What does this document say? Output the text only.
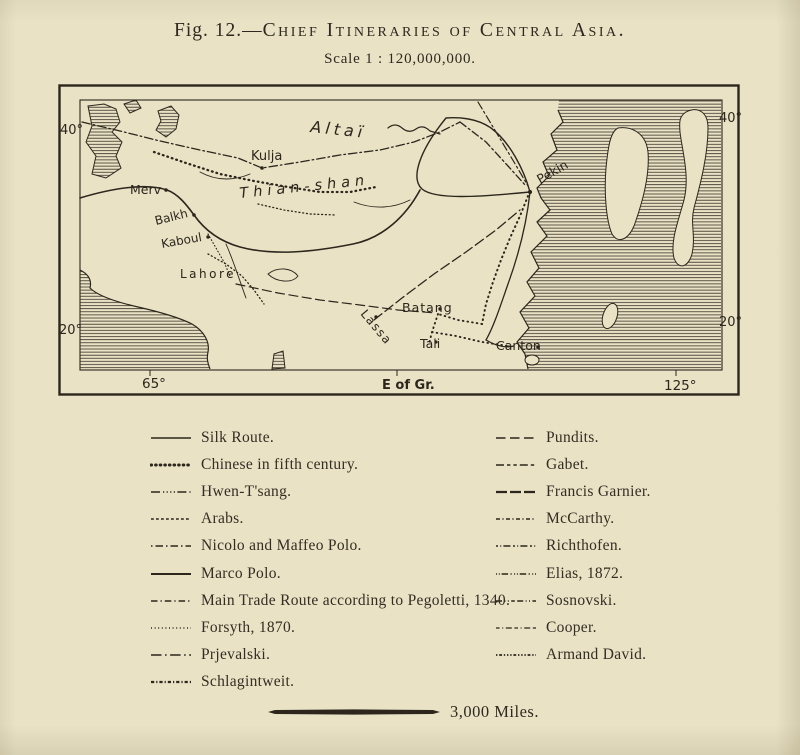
Fig. 12.—Chief Itineraries of Central Asia.
Scale 1 : 120,000,000.
Altaï
Thian-shan
Kulja
Merv
Balkh
Kaboul
Lahore
Lassa Batang
Tali	Canton
Pekin
40°
20°
40°
20°
65°	E of Gr.	125°
Silk Route.
Chinese in fifth century.
Hwen-T'sang.
Arabs.
Nicolo and Maffeo Polo.
Marco Polo.
Main Trade Route according to Pegoletti, 1340.
Forsyth, 1870.
Prjevalski.
Schlagintweit.
Pundits.
Gabet.
Francis Garnier.
McCarthy.
Richthofen.
Elias, 1872.
Sosnovski.
Cooper.
Armand David.
3,000 Miles.
